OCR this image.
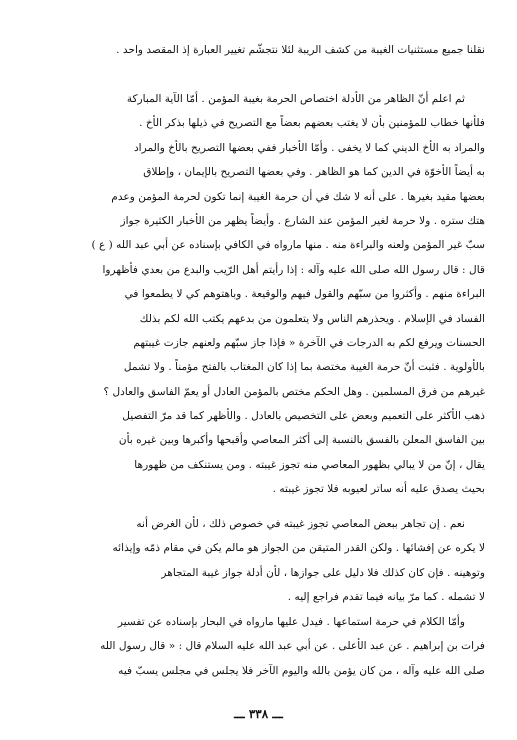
نقلنا جميع مستثنيات الغيبة من كشف الريبة لئلا نتجشّم تغيير العبارة إذ المقصد واحد .
ثم اعلم أنّ الظاهر من الأدلة اختصاص الحرمة بغيبة المؤمن . أمّا الآية المباركة
فلأنها خطاب للمؤمنين بأن لا يغتب بعضهم بعضاً مع التصريح في ذيلها بذكر الأخ .
والمراد به الأخ الديني كما لا يخفى . وأمّا الأخبار ففي بعضها التصريح بالأخ والمراد
به أيضاً الأخوّة في الدين كما هو الظاهر . وفي بعضها التصريح بالإيمان ، وإطلاق
بعضها مقيد بغيرها . على أنه لا شك في أن حرمة الغيبة إنما تكون لحرمة المؤمن وعدم
هتك ستره . ولا حرمة لغير المؤمن عند الشارع . وأيضاً يظهر من الأخبار الكثيرة جواز
سبّ غير المؤمن ولعنه والبراءة منه . منها مارواه في الكافي بإسناده عن أبي عبد الله ( ع )
قال : قال رسول الله صلى الله عليه وآله : إذا رأيتم أهل الرّيب والبدع من بعدي فأظهروا
البراءة منهم . وأكثروا من سبّهم والقول فيهم والوقيعة . وباهتوهم كي لا يطمعوا في
الفساد في الإسلام . ويحذرهم الناس ولا يتعلمون من بدعهم يكتب الله لكم بذلك
الحسنات ويرفع لكم به الدرجات في الآخرة « فإذا جاز سبّهم ولعنهم جازت غيبتهم
بالأولوية . فثبت أنّ حرمة الغيبة مختصة بما إذا كان المغتاب بالفتح مؤمناً . ولا تشمل
غيرهم من فرق المسلمين . وهل الحكم مختص بالمؤمن العادل أو يعمّ الفاسق والعادل ؟
ذهب الأكثر على التعميم وبعض على التخصيص بالعادل . والأظهر كما قد مرّ التفصيل
بين الفاسق المعلن بالفسق بالنسبة إلى أكثر المعاصي وأقبحها وأكبرها وبين غيره بأن
يقال ، إنّ من لا يبالي بظهور المعاصي منه تجوز غيبته . ومن يستنكف من ظهورها
بحيث يصدق عليه أنه ساتر لعيوبه فلا تجوز غيبته .
نعم . إن تجاهر ببعض المعاصي تجوز غيبته في خصوص ذلك ، لأن الغرض أنه
لا يكره عن إفشائها . ولكن القدر المتيقن من الجواز هو مالم يكن في مقام ذمّه وإيذائه
وتوهينه . فإن كان كذلك فلا دليل على جوازها ، لأن أدلة جواز غيبة المتجاهر
لا تشمله . كما مرّ بيانه فيما تقدم فراجع إليه .
وأمّا الكلام في حرمة استماعها . فيدل عليها مارواه في البحار بإسناده عن تفسير
فرات بن إبراهيم . عن عبد الأعلى . عن أبي عبد الله عليه السلام قال : « قال رسول الله
صلى الله عليه وآله ، من كان يؤمن بالله واليوم الآخر فلا يجلس في مجلس يسبّ فيه
ـــ ٣٣٨ ـــ
